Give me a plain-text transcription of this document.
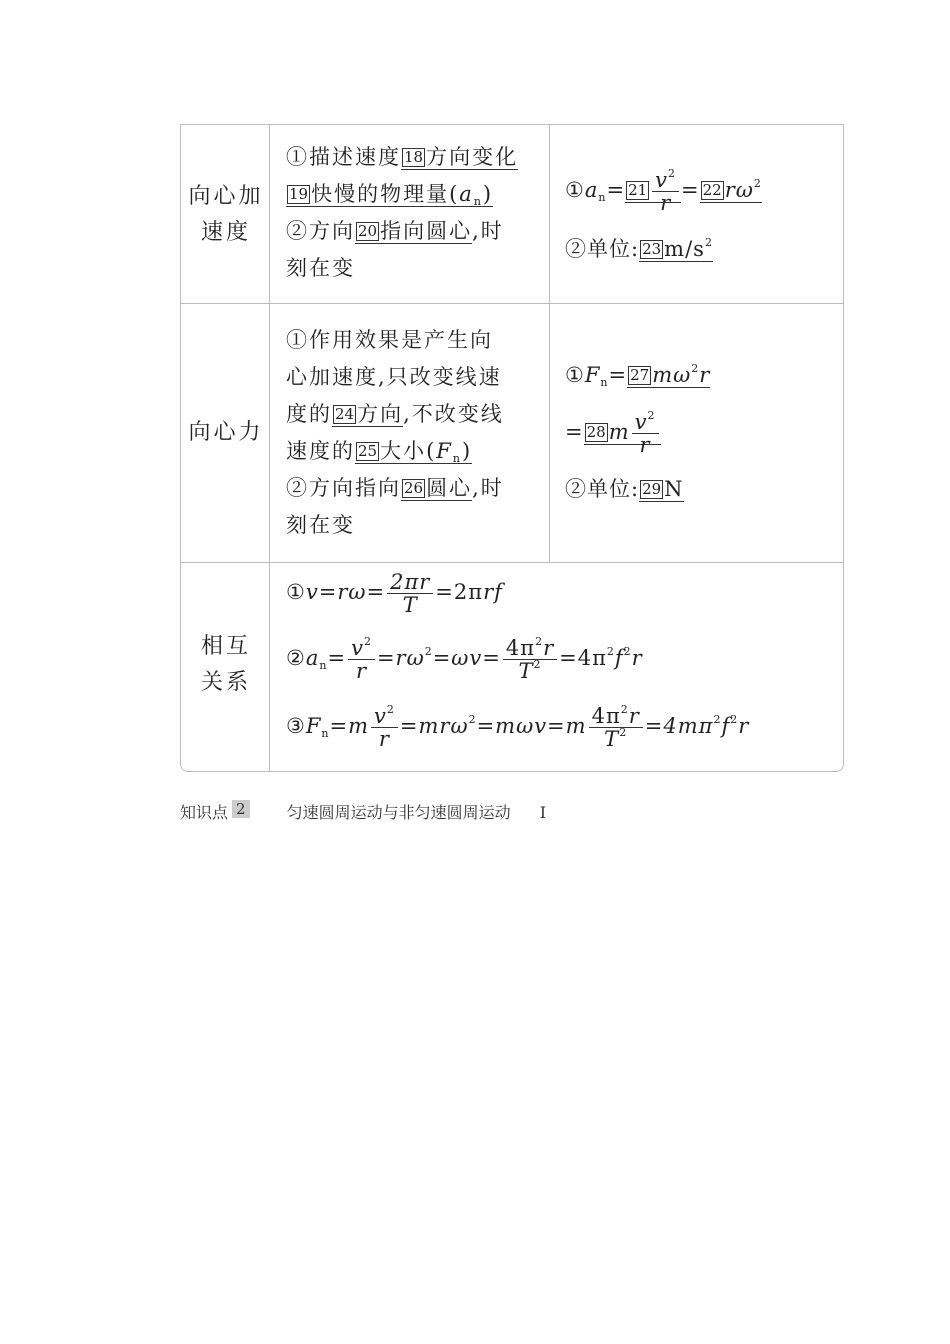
向心加
速度
①描述速度 18 方向变化
19 快慢的物理量$(a_n)$
②方向 20 指向圆心,时
刻在变
$①a_n= 21 \frac{v^2}{r} = 22$ $r\omega^2$
②单位: 23 $m/s^2$
向心力
①作用效果是产生向
心加速度,只改变线速
度的 24 方向,不改变线
速度的 25 大小$(F_n)$
②方向指向 26 圆心,时
刻在变
$①F_n= 27$ $m\omega^2r$
= 28 m $\frac{v^2}{r}$
②单位: 29 N
相互
关系
①v=rω= $\frac{2\pi r}{T} =2\pi rf$
$②a_n= \frac{v^2}{r} =r\omega^2=\omega v= \frac{4\pi^2r}{T^2} =4\pi^2f^2r$
$③F_n=m \frac{v^2}{r} =mr\omega^2=m\omega v=m \frac{4\pi^2r}{T^2} =4m\pi^2f^2r$
知识点 2	匀速圆周运动与非匀速圆周运动 Ⅰ
